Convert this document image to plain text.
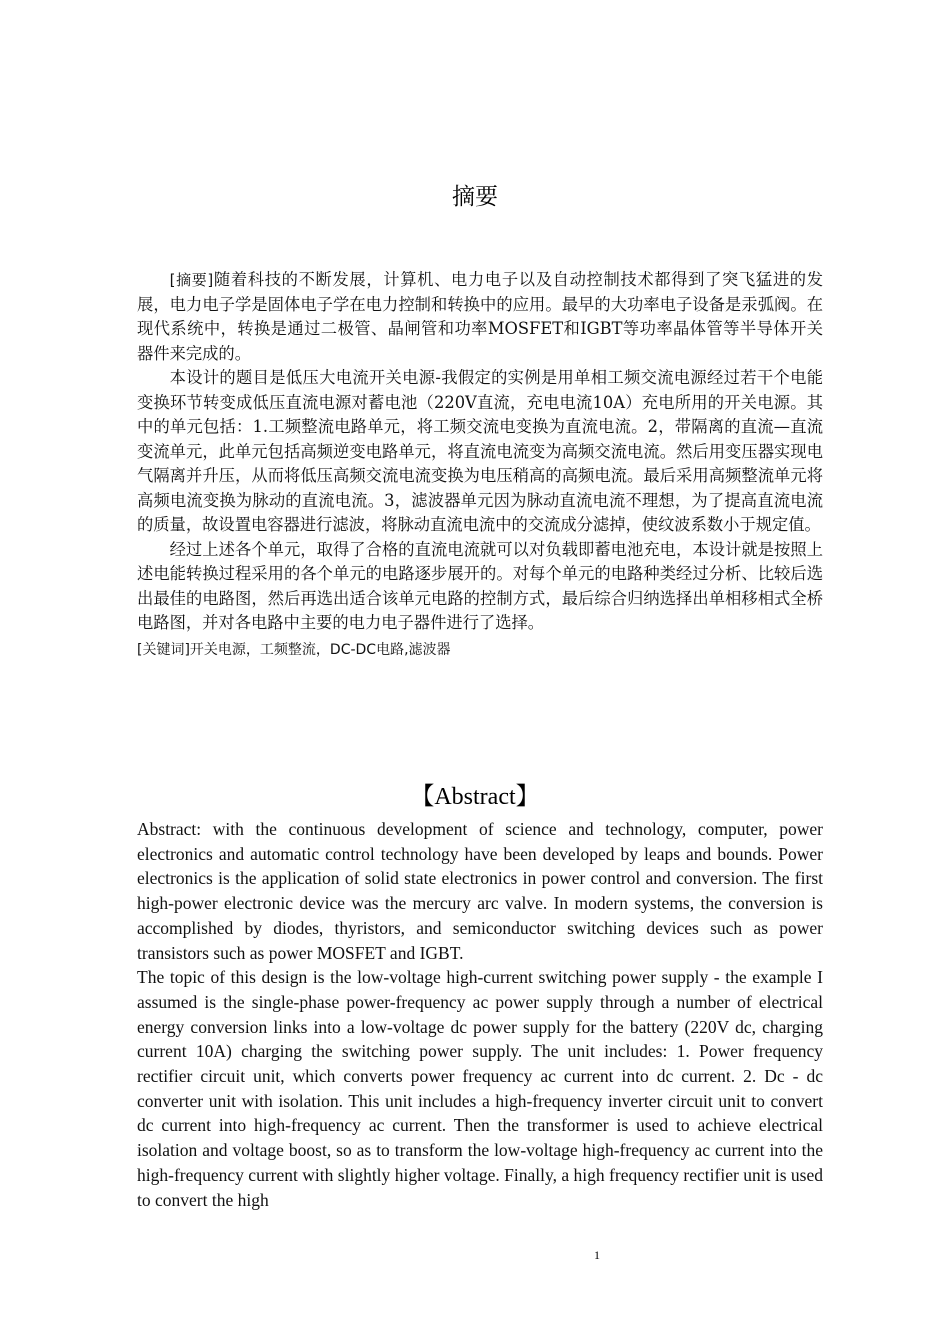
摘要

[摘要]随着科技的不断发展，计算机、电力电子以及自动控制技术都得到了突飞猛进的发展，电力电子学是固体电子学在电力控制和转换中的应用。最早的大功率电子设备是汞弧阀。在现代系统中，转换是通过二极管、晶闸管和功率MOSFET和IGBT等功率晶体管等半导体开关器件来完成的。

本设计的题目是低压大电流开关电源-我假定的实例是用单相工频交流电源经过若干个电能变换环节转变成低压直流电源对蓄电池（220V直流，充电电流10A）充电所用的开关电源。其中的单元包括：1.工频整流电路单元，将工频交流电变换为直流电流。2，带隔离的直流—直流变流单元，此单元包括高频逆变电路单元，将直流电流变为高频交流电流。然后用变压器实现电气隔离并升压，从而将低压高频交流电流变换为电压稍高的高频电流。最后采用高频整流单元将高频电流变换为脉动的直流电流。3，滤波器单元因为脉动直流电流不理想，为了提高直流电流的质量，故设置电容器进行滤波，将脉动直流电流中的交流成分滤掉，使纹波系数小于规定值。

经过上述各个单元，取得了合格的直流电流就可以对负载即蓄电池充电，本设计就是按照上述电能转换过程采用的各个单元的电路逐步展开的。对每个单元的电路种类经过分析、比较后选出最佳的电路图，然后再选出适合该单元电路的控制方式，最后综合归纳选择出单相移相式全桥电路图，并对各电路中主要的电力电子器件进行了选择。

[关键词]开关电源，工频整流，DC-DC电路,滤波器

【Abstract】

Abstract: with the continuous development of science and technology, computer, power electronics and automatic control technology have been developed by leaps and bounds. Power electronics is the application of solid state electronics in power control and conversion. The first high-power electronic device was the mercury arc valve. In modern systems, the conversion is accomplished by diodes, thyristors, and semiconductor switching devices such as power transistors such as power MOSFET and IGBT.

The topic of this design is the low-voltage high-current switching power supply - the example I assumed is the single-phase power-frequency ac power supply through a number of electrical energy conversion links into a low-voltage dc power supply for the battery (220V dc, charging current 10A) charging the switching power supply. The unit includes: 1. Power frequency rectifier circuit unit, which converts power frequency ac current into dc current. 2. Dc - dc converter unit with isolation. This unit includes a high-frequency inverter circuit unit to convert dc current into high-frequency ac current. Then the transformer is used to achieve electrical isolation and voltage boost, so as to transform the low-voltage high-frequency ac current into the high-frequency current with slightly higher voltage. Finally, a high frequency rectifier unit is used to convert the high

1
